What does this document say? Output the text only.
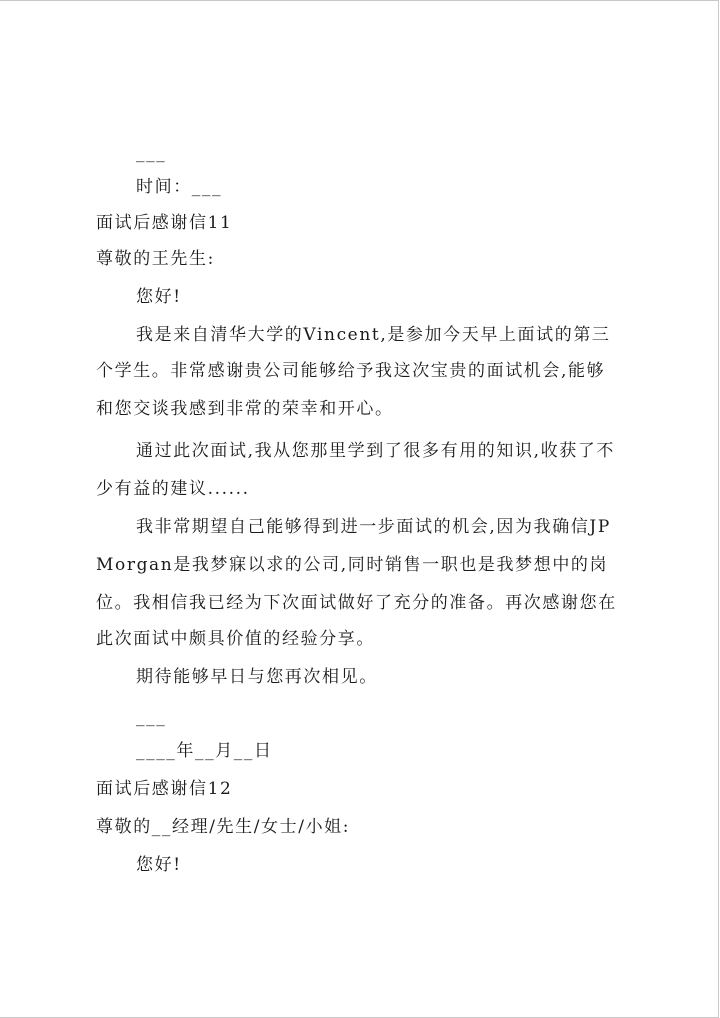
___
时间：___
面试后感谢信11
尊敬的王先生:
您好!
我是来自清华大学的Vincent,是参加今天早上面试的第三
个学生。非常感谢贵公司能够给予我这次宝贵的面试机会,能够
和您交谈我感到非常的荣幸和开心。
通过此次面试,我从您那里学到了很多有用的知识,收获了不
少有益的建议......
我非常期望自己能够得到进一步面试的机会,因为我确信JP
Morgan是我梦寐以求的公司,同时销售一职也是我梦想中的岗
位。我相信我已经为下次面试做好了充分的准备。再次感谢您在
此次面试中颇具价值的经验分享。
期待能够早日与您再次相见。
___
____年__月__日
面试后感谢信12
尊敬的__经理/先生/女士/小姐:
您好!
